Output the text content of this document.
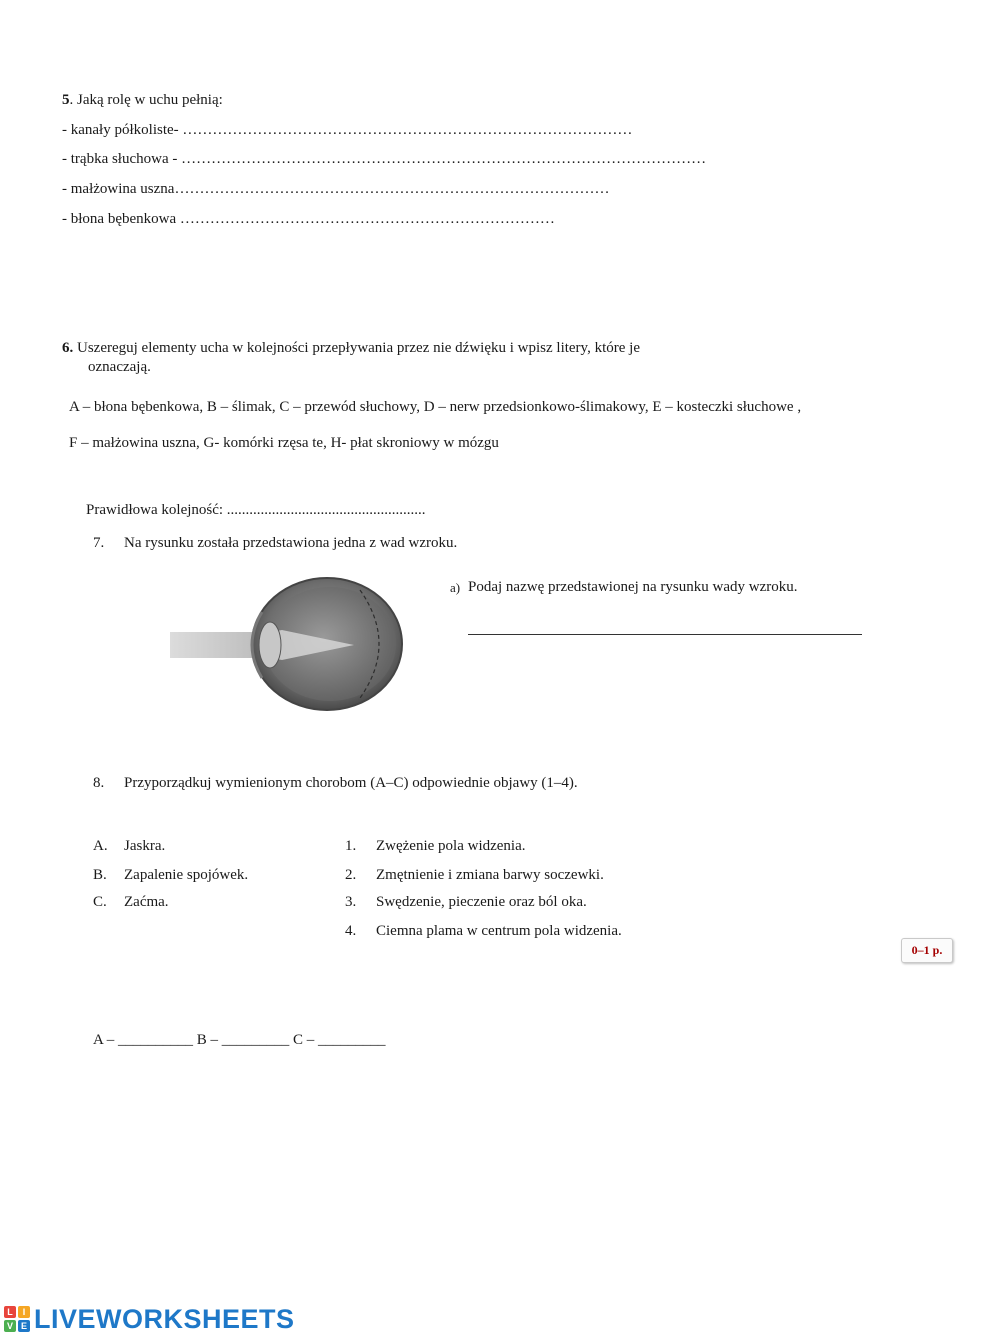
5. Jaką rolę w uchu pełnią:
- kanały półkoliste- ………………………………………………………………………………
- trąbka słuchowa - ……………………………………………………………………………………………
- małżowina uszna……………………………………………………………………………
- błona bębenkowa …………………………………………………………………
6. Uszereguj elementy ucha w kolejności przepływania przez nie dźwięku i wpisz litery, które je
oznaczają.
A – błona bębenkowa, B – ślimak, C – przewód słuchowy, D – nerw przedsionkowo-ślimakowy, E – kosteczki słuchowe ,
F – małżowina uszna, G- komórki rzęsa te, H- płat skroniowy w mózgu
Prawidłowa kolejność: .....................................................
7. Na rysunku została przedstawiona jedna z wad wzroku.
a) Podaj nazwę przedstawionej na rysunku wady wzroku.
8. Przyporządkuj wymienionym chorobom (A–C) odpowiednie objawy (1–4).
A. Jaskra.
B. Zapalenie spojówek.
C. Zaćma.
1. Zwężenie pola widzenia.
2. Zmętnienie i zmiana barwy soczewki.
3. Swędzenie, pieczenie oraz ból oka.
4. Ciemna plama w centrum pola widzenia.
0–1 p.
A – __________ B – _________ C – _________
L	I
V E LIVEWORKSHEETS
